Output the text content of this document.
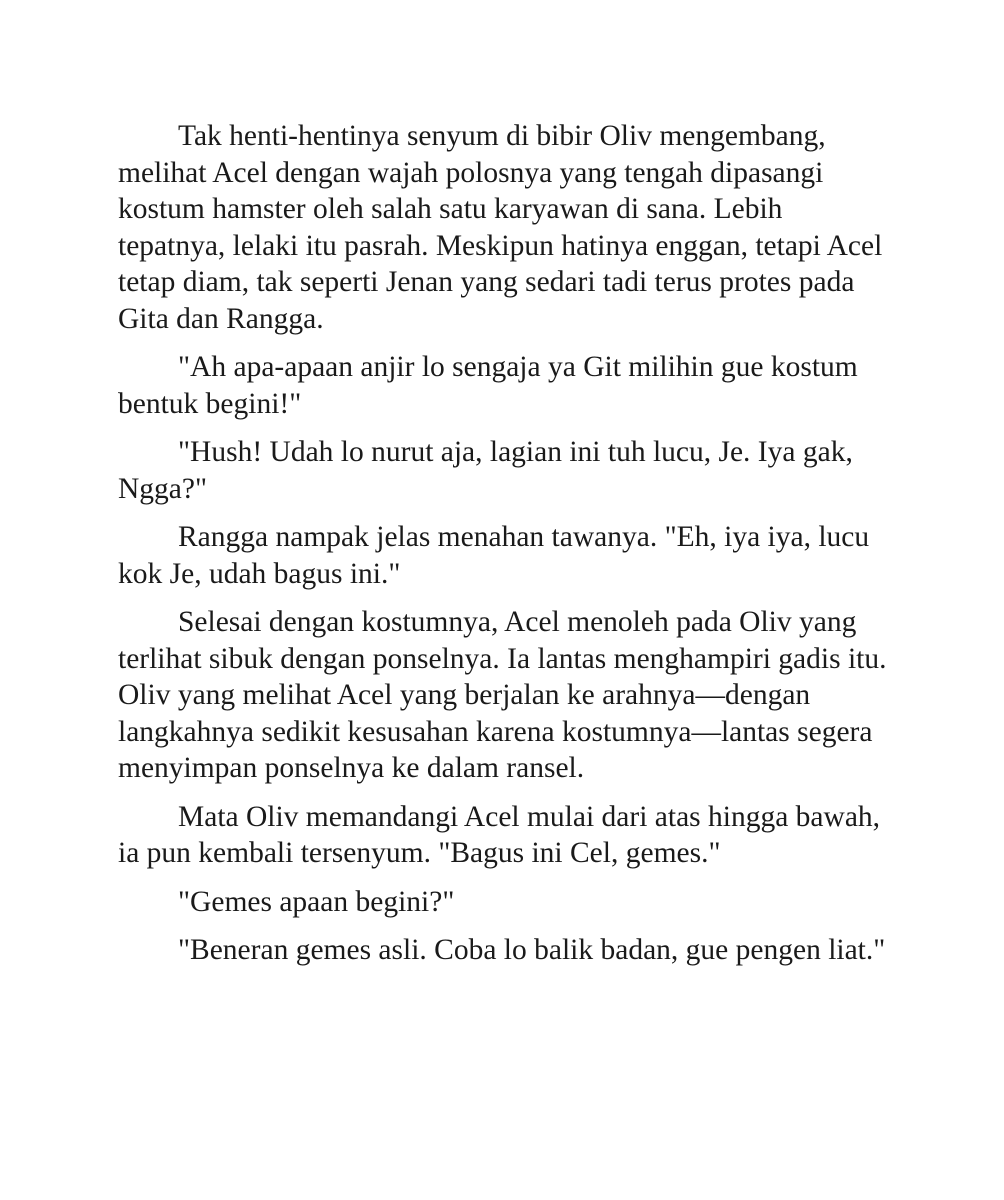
Tak henti-hentinya senyum di bibir Oliv mengembang, melihat Acel dengan wajah polosnya yang tengah dipasangi kostum hamster oleh salah satu karyawan di sana. Lebih tepatnya, lelaki itu pasrah. Meskipun hatinya enggan, tetapi Acel tetap diam, tak seperti Jenan yang sedari tadi terus protes pada Gita dan Rangga.

"Ah apa-apaan anjir lo sengaja ya Git milihin gue kostum bentuk begini!"

"Hush! Udah lo nurut aja, lagian ini tuh lucu, Je. Iya gak, Ngga?"

Rangga nampak jelas menahan tawanya. "Eh, iya iya, lucu kok Je, udah bagus ini."

Selesai dengan kostumnya, Acel menoleh pada Oliv yang terlihat sibuk dengan ponselnya. Ia lantas menghampiri gadis itu. Oliv yang melihat Acel yang berjalan ke arahnya—dengan langkahnya sedikit kesusahan karena kostumnya—lantas segera menyimpan ponselnya ke dalam ransel.

Mata Oliv memandangi Acel mulai dari atas hingga bawah, ia pun kembali tersenyum. "Bagus ini Cel, gemes."

"Gemes apaan begini?"

"Beneran gemes asli. Coba lo balik badan, gue pengen liat."
